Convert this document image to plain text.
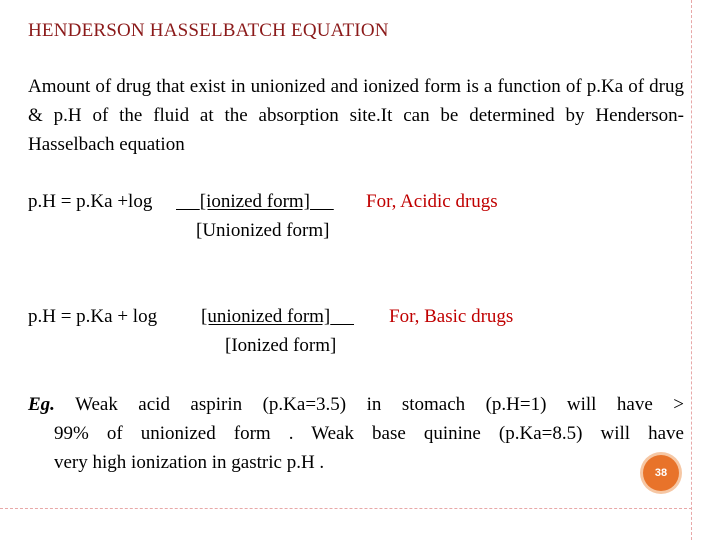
HENDERSON HASSELBATCH EQUATION
Amount of drug that exist in unionized and ionized form is a function of p.Ka of drug & p.H of the fluid at the absorption site.It can be determined by Henderson-Hasselbach equation
p.H = p.Ka +log	[ionized form]	For, Acidic drugs
[Unionized form]
p.H = p.Ka + log [unionized form]	For, Basic drugs
[Ionized form]
Eg. Weak acid aspirin (p.Ka=3.5) in stomach (p.H=1) will have >
99% of unionized form . Weak base quinine (p.Ka=8.5) will have
very high ionization in gastric p.H .	38
